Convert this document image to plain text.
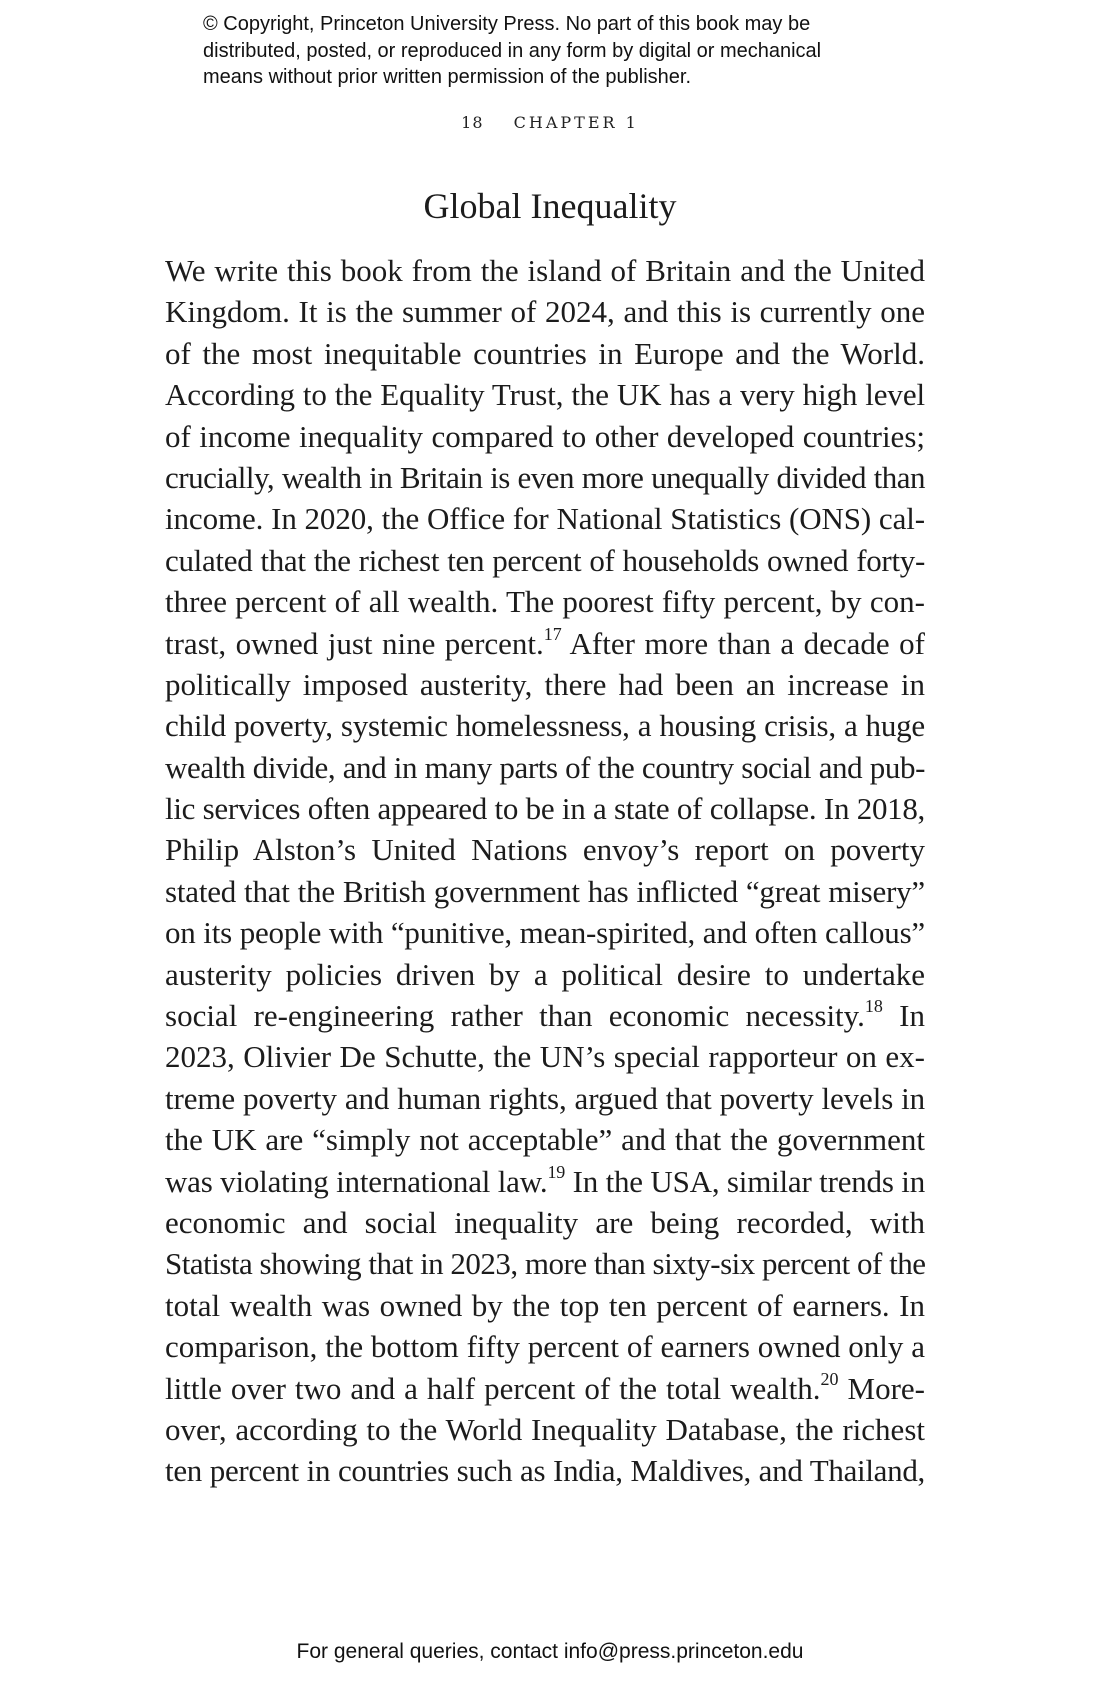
© Copyright, Princeton University Press. No part of this book may be
distributed, posted, or reproduced in any form by digital or mechanical
means without prior written permission of the publisher.
18 CHAPTER 1
Global Inequality
We write this book from the island of Britain and the United
Kingdom. It is the summer of 2024, and this is currently one
of the most inequitable countries in Europe and the World.
According to the Equality Trust, the UK has a very high level
of income inequality compared to other developed countries;
crucially, wealth in Britain is even more unequally divided than
income. In 2020, the Office for National Statistics (ONS) cal-
culated that the richest ten percent of households owned forty-
three percent of all wealth. The poorest fifty percent, by con-
trast, owned just nine percent.$^{17}$ After more than a decade of
politically imposed austerity, there had been an increase in
child poverty, systemic homelessness, a housing crisis, a huge
wealth divide, and in many parts of the country social and pub-
lic services often appeared to be in a state of collapse. In 2018,
Philip Alston’s United Nations envoy’s report on poverty
stated that the British government has inflicted “great misery”
on its people with “punitive, mean-spirited, and often callous”
austerity policies driven by a political desire to undertake
social re-engineering rather than economic necessity.$^{18}$ In
2023, Olivier De Schutte, the UN’s special rapporteur on ex-
treme poverty and human rights, argued that poverty levels in
the UK are “simply not acceptable” and that the government
was violating international law.$^{19}$ In the USA, similar trends in
economic and social inequality are being recorded, with
Statista showing that in 2023, more than sixty-six percent of the
total wealth was owned by the top ten percent of earners. In
comparison, the bottom fifty percent of earners owned only a
little over two and a half percent of the total wealth.$^{20}$ More-
over, according to the World Inequality Database, the richest
ten percent in countries such as India, Maldives, and Thailand,
For general queries, contact info@press.princeton.edu
